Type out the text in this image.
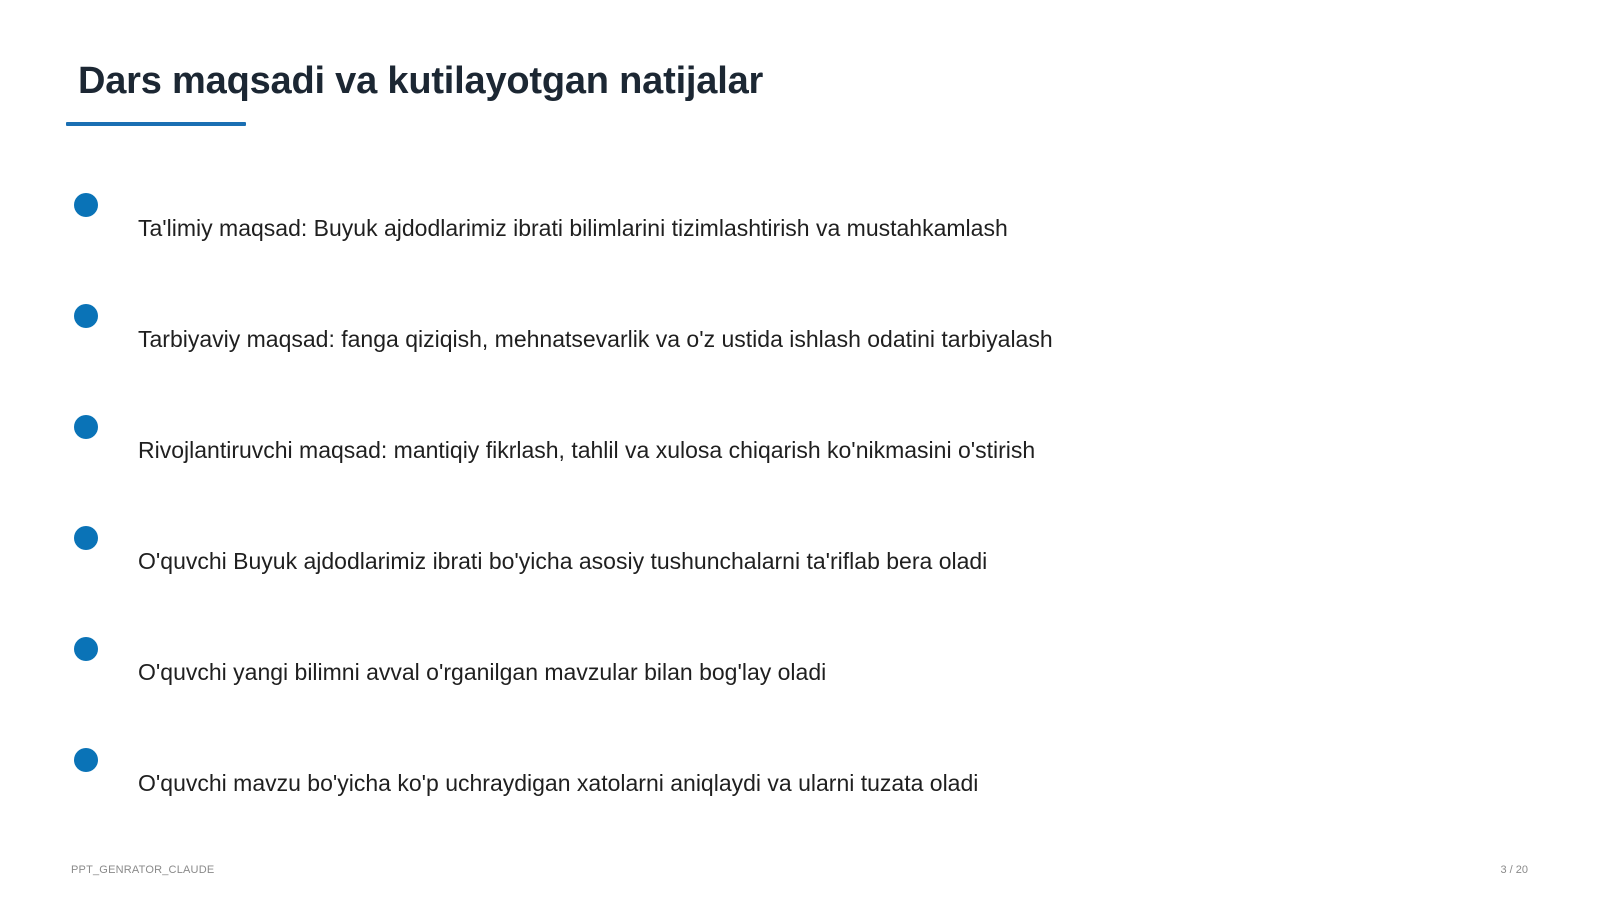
Dars maqsadi va kutilayotgan natijalar
Ta'limiy maqsad: Buyuk ajdodlarimiz ibrati bilimlarini tizimlashtirish va mustahkamlash
Tarbiyaviy maqsad: fanga qiziqish, mehnatsevarlik va o'z ustida ishlash odatini tarbiyalash
Rivojlantiruvchi maqsad: mantiqiy fikrlash, tahlil va xulosa chiqarish ko'nikmasini o'stirish
O'quvchi Buyuk ajdodlarimiz ibrati bo'yicha asosiy tushunchalarni ta'riflab bera oladi
O'quvchi yangi bilimni avval o'rganilgan mavzular bilan bog'lay oladi
O'quvchi mavzu bo'yicha ko'p uchraydigan xatolarni aniqlaydi va ularni tuzata oladi
PPT_GENRATOR_CLAUDE	3 / 20
